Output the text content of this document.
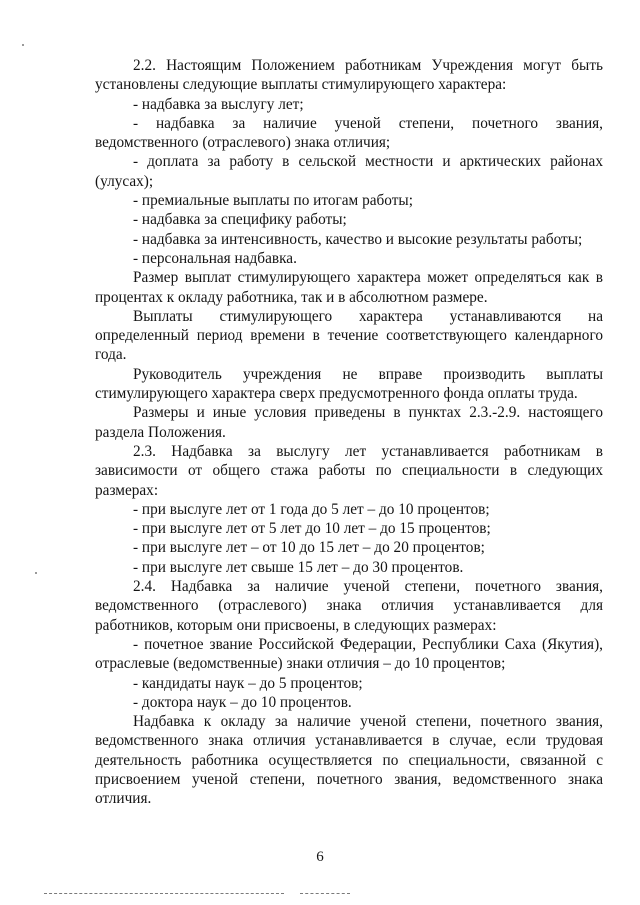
2.2. Настоящим Положением работникам Учреждения могут быть установлены следующие выплаты стимулирующего характера:

- надбавка за выслугу лет;

- надбавка за наличие ученой степени, почетного звания, ведомственного (отраслевого) знака отличия;

- доплата за работу в сельской местности и арктических районах (улусах);

- премиальные выплаты по итогам работы;

- надбавка за специфику работы;

- надбавка за интенсивность, качество и высокие результаты работы;

- персональная надбавка.

Размер выплат стимулирующего характера может определяться как в процентах к окладу работника, так и в абсолютном размере.

Выплаты стимулирующего характера устанавливаются на определенный период времени в течение соответствующего календарного года.

Руководитель учреждения не вправе производить выплаты стимулирующего характера сверх предусмотренного фонда оплаты труда.

Размеры и иные условия приведены в пунктах 2.3.-2.9. настоящего раздела Положения.

2.3. Надбавка за выслугу лет устанавливается работникам в зависимости от общего стажа работы по специальности в следующих размерах:

- при выслуге лет от 1 года до 5 лет – до 10 процентов;

- при выслуге лет от 5 лет до 10 лет – до 15 процентов;

- при выслуге лет – от 10 до 15 лет – до 20 процентов;

- при выслуге лет свыше 15 лет – до 30 процентов.

2.4. Надбавка за наличие ученой степени, почетного звания, ведомственного (отраслевого) знака отличия устанавливается для работников, которым они присвоены, в следующих размерах:

- почетное звание Российской Федерации, Республики Саха (Якутия), отраслевые (ведомственные) знаки отличия – до 10 процентов;

- кандидаты наук – до 5 процентов;

- доктора наук – до 10 процентов.

Надбавка к окладу за наличие ученой степени, почетного звания, ведомственного знака отличия устанавливается в случае, если трудовая деятельность работника осуществляется по специальности, связанной с присвоением ученой степени, почетного звания, ведомственного знака отличия.

6
